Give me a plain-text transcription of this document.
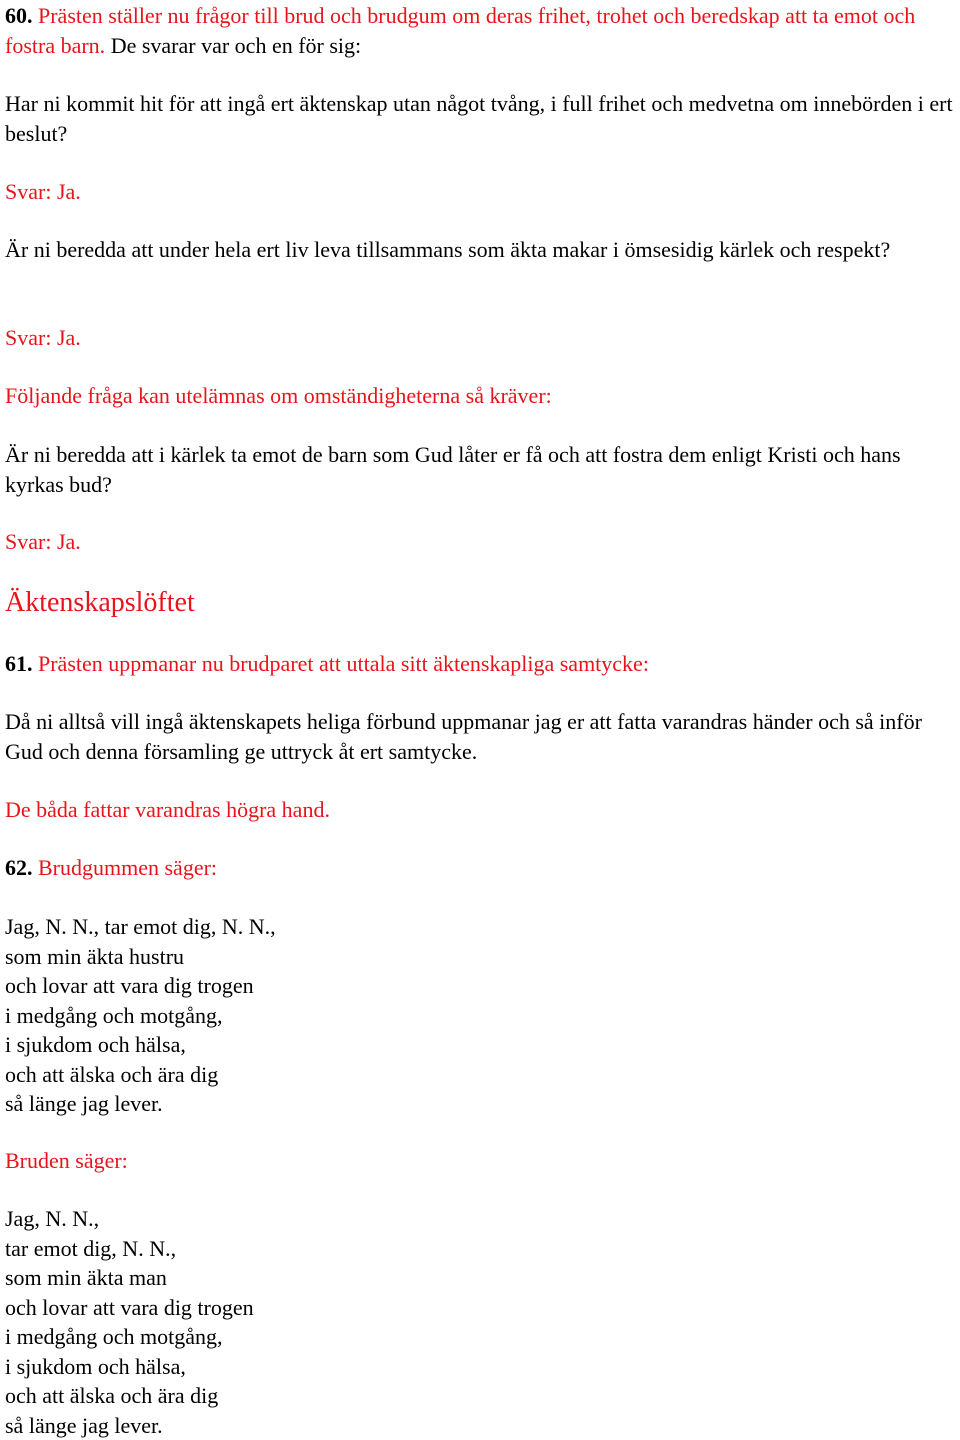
60. Prästen ställer nu frågor till brud och brudgum om deras frihet, trohet och beredskap att ta emot och fostra barn. De svarar var och en för sig:

Har ni kommit hit för att ingå ert äktenskap utan något tvång, i full frihet och medvetna om innebörden i ert beslut?

Svar: Ja.

Är ni beredda att under hela ert liv leva tillsammans som äkta makar i ömsesidig kärlek och respekt?

Svar: Ja.

Följande fråga kan utelämnas om omständigheterna så kräver:

Är ni beredda att i kärlek ta emot de barn som Gud låter er få och att fostra dem enligt Kristi och hans kyrkas bud?

Svar: Ja.

Äktenskapslöftet

61. Prästen uppmanar nu brudparet att uttala sitt äktenskapliga samtycke:

Då ni alltså vill ingå äktenskapets heliga förbund uppmanar jag er att fatta varandras händer och så inför Gud och denna församling ge uttryck åt ert samtycke.

De båda fattar varandras högra hand.

62. Brudgummen säger:

Jag, N. N., tar emot dig, N. N.,
som min äkta hustru
och lovar att vara dig trogen
i medgång och motgång,
i sjukdom och hälsa,
och att älska och ära dig
så länge jag lever.

Bruden säger:

Jag, N. N.,
tar emot dig, N. N.,
som min äkta man
och lovar att vara dig trogen
i medgång och motgång,
i sjukdom och hälsa,
och att älska och ära dig
så länge jag lever.
